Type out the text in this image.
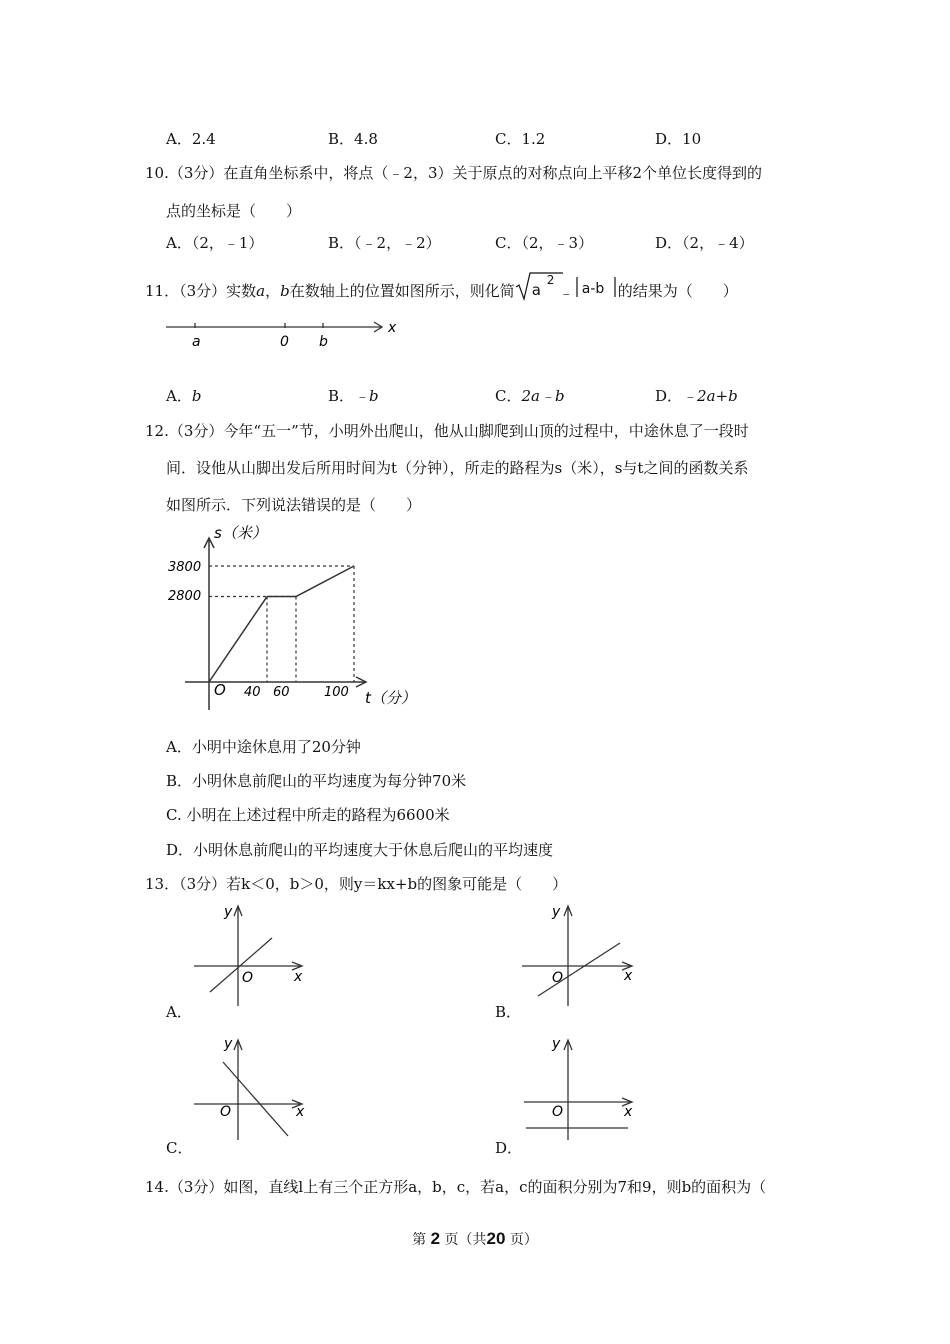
A．2.4	B．4.8	C．1.2	D．10
10.（3分）在直角坐标系中，将点（﹣2，3）关于原点的对称点向上平移2个单位长度得到的
点的坐标是（　　）
A．（2，﹣1）	B．（﹣2，﹣2）	C．（2，﹣3）	D．（2，﹣4）
11．（3分）实数a，b在数轴上的位置如图所示，则化简 a
2
﹣ a-b 的结果为（　　）
a	0 b
x
A．b	B．﹣b	C．2a﹣b	D．﹣2a+b
12.（3分）今年“五一”节，小明外出爬山，他从山脚爬到山顶的过程中，中途休息了一段时
间．设他从山脚出发后所用时间为t（分钟），所走的路程为s（米），s与t之间的函数关系
如图所示．下列说法错误的是（　　）
s（米）
t（分）
O
3800
2800
40 60	100
A．小明中途休息用了20分钟
B．小明休息前爬山的平均速度为每分钟70米
C. 小明在上述过程中所走的路程为6600米
D．小明休息前爬山的平均速度大于休息后爬山的平均速度
13．（3分）若k＜0，b＞0，则y＝kx+b的图象可能是（　　）
y
x
O
A．
y
x
O
B．
y
x
O
C．
y
x
O
D．
14.（3分）如图，直线l上有三个正方形a，b，c，若a，c的面积分别为7和9，则b的面积为（
第 2 页（共20 页）
